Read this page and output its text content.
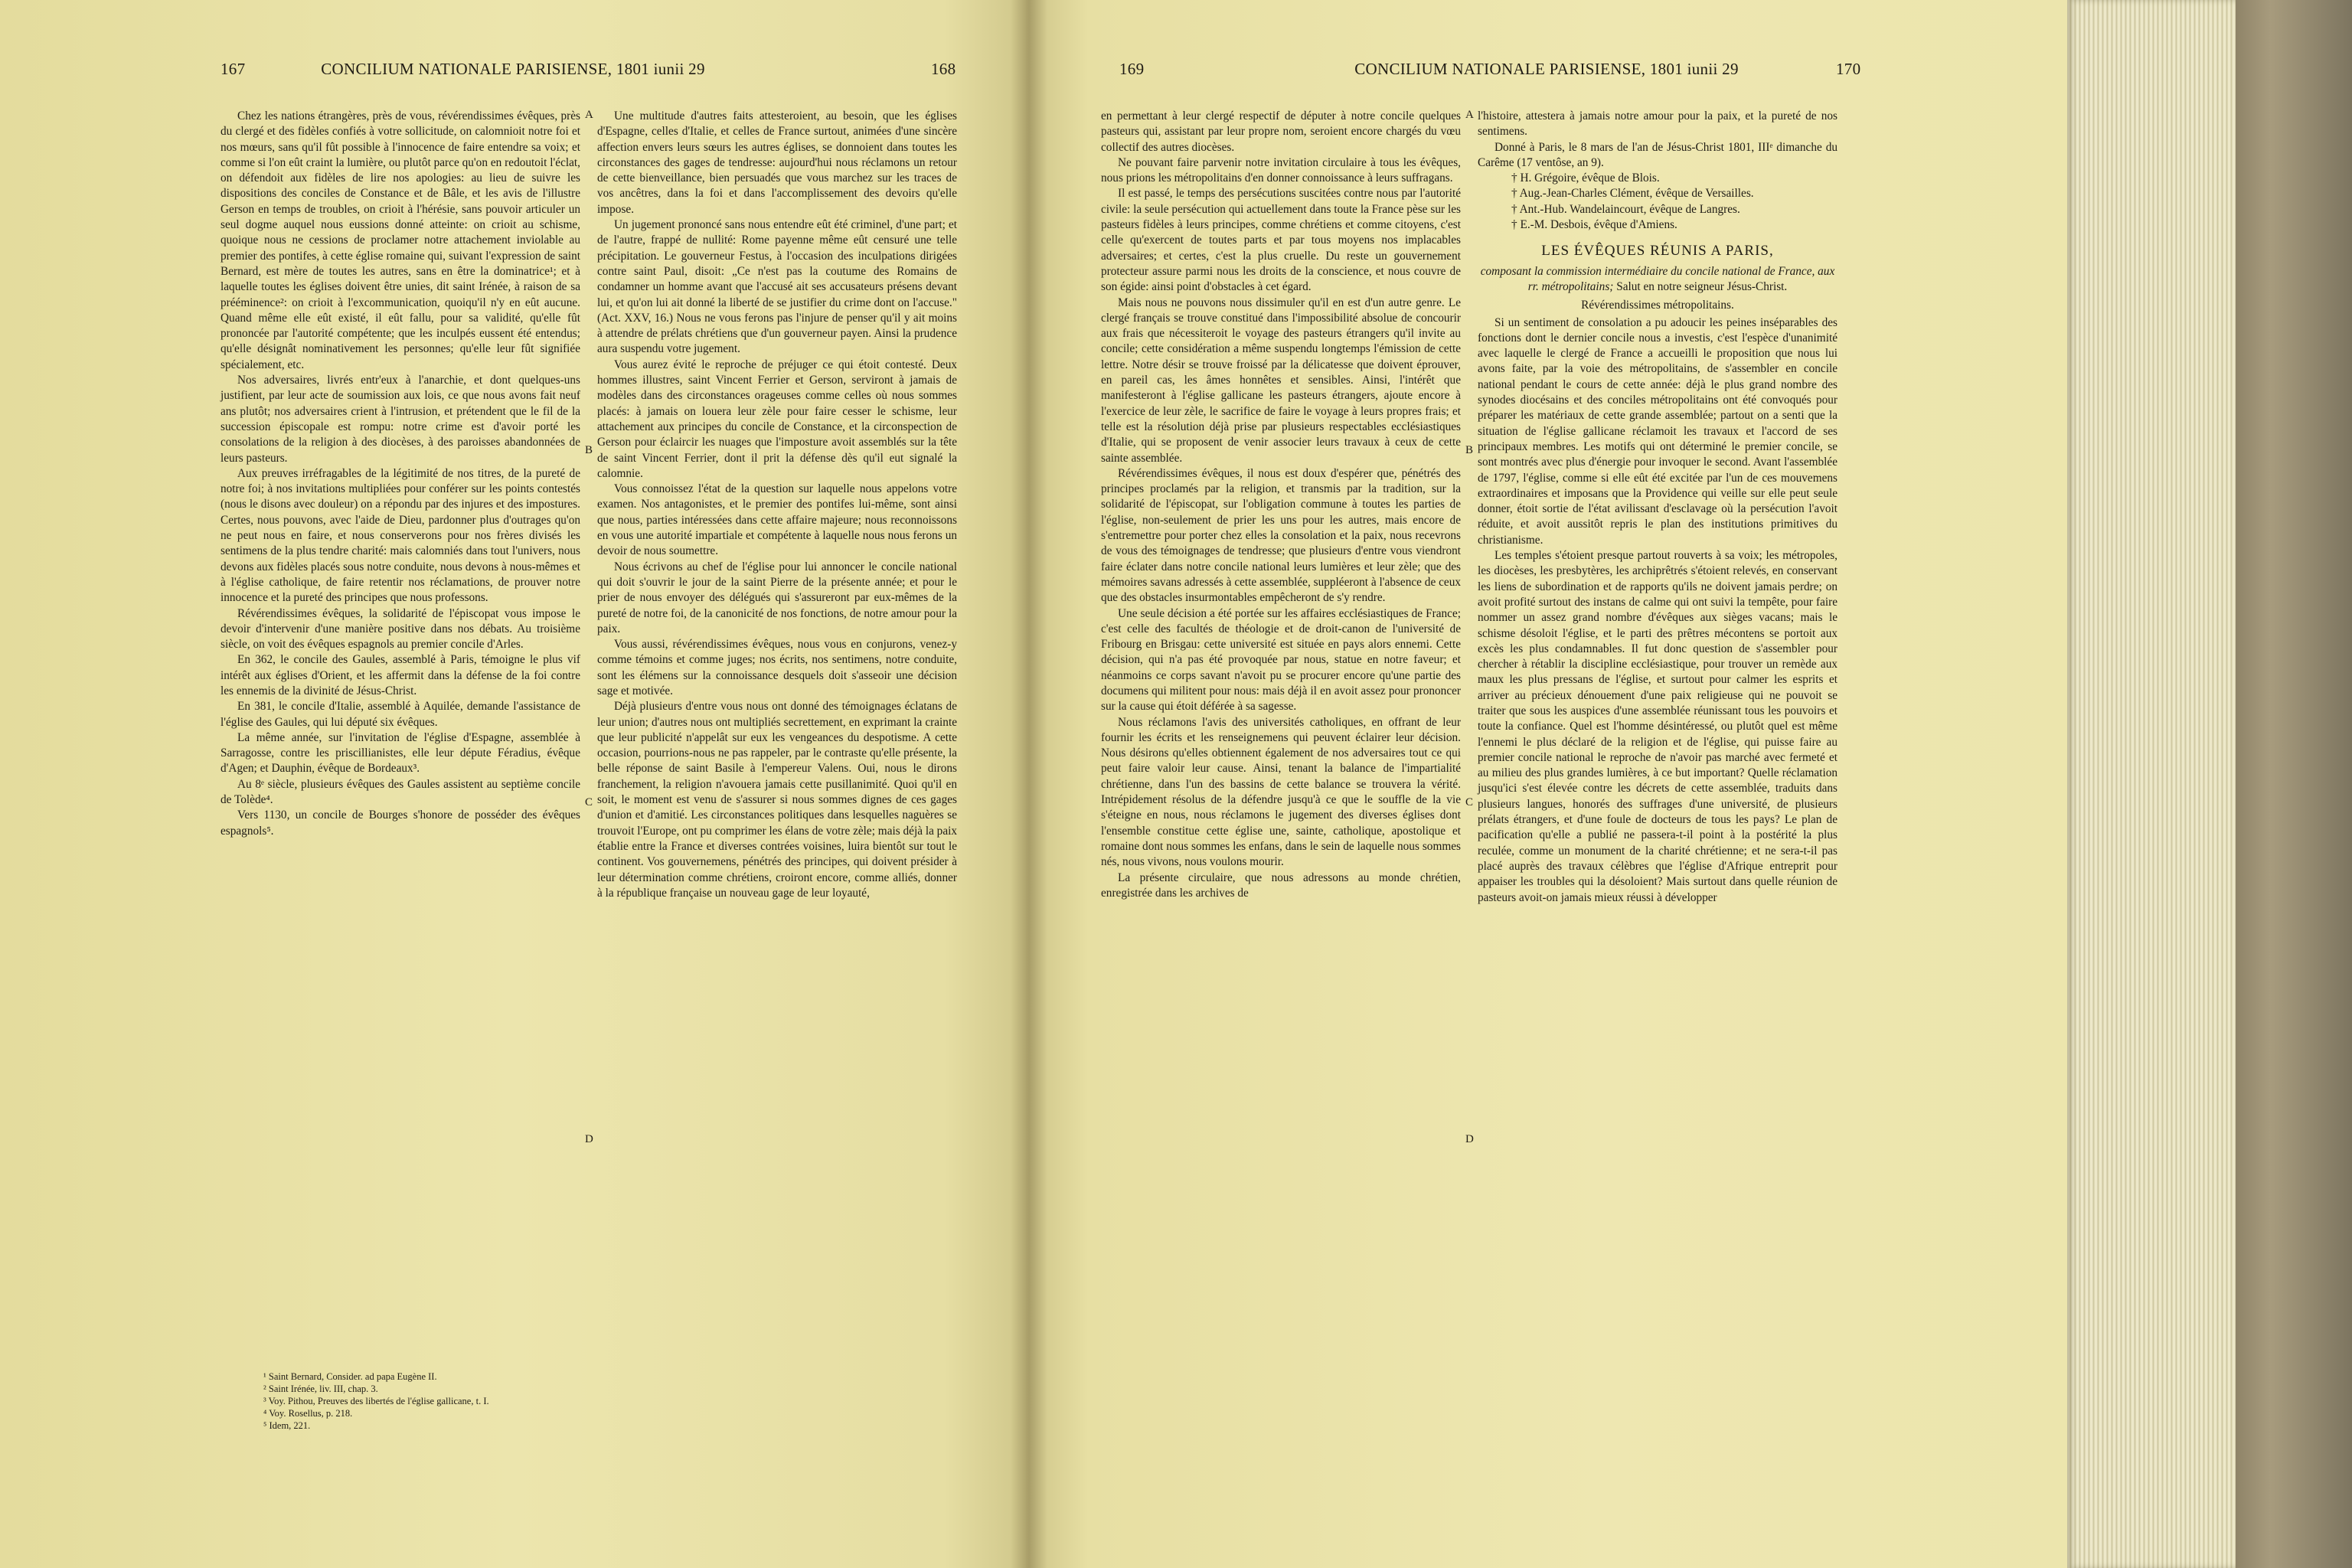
167	CONCILIUM NATIONALE PARISIENSE, 1801 iunii 29	168

Chez les nations étrangères, près de vous, révérendissimes évêques, près du clergé et des fidèles confiés à votre sollicitude, on calomnioit notre foi et nos mœurs, sans qu'il fût possible à l'innocence de faire entendre sa voix; et comme si l'on eût craint la lumière, ou plutôt parce qu'on en redoutoit l'éclat, on défendoit aux fidèles de lire nos apologies: au lieu de suivre les dispositions des conciles de Constance et de Bâle, et les avis de l'illustre Gerson en temps de troubles, on crioit à l'hérésie, sans pouvoir articuler un seul dogme auquel nous eussions donné atteinte: on crioit au schisme, quoique nous ne cessions de proclamer notre attachement inviolable au premier des pontifes, à cette église romaine qui, suivant l'expression de saint Bernard, est mère de toutes les autres, sans en être la dominatrice¹; et à laquelle toutes les églises doivent être unies, dit saint Irénée, à raison de sa prééminence²: on crioit à l'excommunication, quoiqu'il n'y en eût aucune. Quand même elle eût existé, il eût fallu, pour sa validité, qu'elle fût prononcée par l'autorité compétente; que les inculpés eussent été entendus; qu'elle désignât nominativement les personnes; qu'elle leur fût signifiée spécialement, etc.

Nos adversaires, livrés entr'eux à l'anarchie, et dont quelques-uns justifient, par leur acte de soumission aux lois, ce que nous avons fait neuf ans plutôt; nos adversaires crient à l'intrusion, et prétendent que le fil de la succession épiscopale est rompu: notre crime est d'avoir porté les consolations de la religion à des diocèses, à des paroisses abandonnées de leurs pasteurs.

Aux preuves irréfragables de la légitimité de nos titres, de la pureté de notre foi; à nos invitations multipliées pour conférer sur les points contestés (nous le disons avec douleur) on a répondu par des injures et des impostures. Certes, nous pouvons, avec l'aide de Dieu, pardonner plus d'outrages qu'on ne peut nous en faire, et nous conserverons pour nos frères divisés les sentimens de la plus tendre charité: mais calomniés dans tout l'univers, nous devons aux fidèles placés sous notre conduite, nous devons à nous-mêmes et à l'église catholique, de faire retentir nos réclamations, de prouver notre innocence et la pureté des principes que nous professons.

Révérendissimes évêques, la solidarité de l'épiscopat vous impose le devoir d'intervenir d'une manière positive dans nos débats. Au troisième siècle, on voit des évêques espagnols au premier concile d'Arles.

En 362, le concile des Gaules, assemblé à Paris, témoigne le plus vif intérêt aux églises d'Orient, et les affermit dans la défense de la foi contre les ennemis de la divinité de Jésus-Christ.

En 381, le concile d'Italie, assemblé à Aquilée, demande l'assistance de l'église des Gaules, qui lui député six évêques.

La même année, sur l'invitation de l'église d'Espagne, assemblée à Sarragosse, contre les priscillianistes, elle leur députe Féradius, évêque d'Agen; et Dauphin, évêque de Bordeaux³.

Au 8ᵉ siècle, plusieurs évêques des Gaules assistent au septième concile de Tolède⁴.

Vers 1130, un concile de Bourges s'honore de posséder des évêques espagnols⁵.

¹ Saint Bernard, Consider. ad papa Eugène II.

² Saint Irénée, liv. III, chap. 3.

³ Voy. Pithou, Preuves des libertés de l'église gallicane, t. I.

⁴ Voy. Rosellus, p. 218.

⁵ Idem, 221.

A
B
C
D

Une multitude d'autres faits attesteroient, au besoin, que les églises d'Espagne, celles d'Italie, et celles de France surtout, animées d'une sincère affection envers leurs sœurs les autres églises, se donnoient dans toutes les circonstances des gages de tendresse: aujourd'hui nous réclamons un retour de cette bienveillance, bien persuadés que vous marchez sur les traces de vos ancêtres, dans la foi et dans l'accomplissement des devoirs qu'elle impose.

Un jugement prononcé sans nous entendre eût été criminel, d'une part; et de l'autre, frappé de nullité: Rome payenne même eût censuré une telle précipitation. Le gouverneur Festus, à l'occasion des inculpations dirigées contre saint Paul, disoit: „Ce n'est pas la coutume des Romains de condamner un homme avant que l'accusé ait ses accusateurs présens devant lui, et qu'on lui ait donné la liberté de se justifier du crime dont on l'accuse." (Act. XXV, 16.) Nous ne vous ferons pas l'injure de penser qu'il y ait moins à attendre de prélats chrétiens que d'un gouverneur payen. Ainsi la prudence aura suspendu votre jugement.

Vous aurez évité le reproche de préjuger ce qui étoit contesté. Deux hommes illustres, saint Vincent Ferrier et Gerson, serviront à jamais de modèles dans des circonstances orageuses comme celles où nous sommes placés: à jamais on louera leur zèle pour faire cesser le schisme, leur attachement aux principes du concile de Constance, et la circonspection de Gerson pour éclaircir les nuages que l'imposture avoit assemblés sur la tête de saint Vincent Ferrier, dont il prit la défense dès qu'il eut signalé la calomnie.

Vous connoissez l'état de la question sur laquelle nous appelons votre examen. Nos antagonistes, et le premier des pontifes lui-même, sont ainsi que nous, parties intéressées dans cette affaire majeure; nous reconnoissons en vous une autorité impartiale et compétente à laquelle nous nous ferons un devoir de nous soumettre.

Nous écrivons au chef de l'église pour lui annoncer le concile national qui doit s'ouvrir le jour de la saint Pierre de la présente année; et pour le prier de nous envoyer des délégués qui s'assureront par eux-mêmes de la pureté de notre foi, de la canonicité de nos fonctions, de notre amour pour la paix.

Vous aussi, révérendissimes évêques, nous vous en conjurons, venez-y comme témoins et comme juges; nos écrits, nos sentimens, notre conduite, sont les élémens sur la connoissance desquels doit s'asseoir une décision sage et motivée.

Déjà plusieurs d'entre vous nous ont donné des témoignages éclatans de leur union; d'autres nous ont multipliés secrettement, en exprimant la crainte que leur publicité n'appelât sur eux les vengeances du despotisme. A cette occasion, pourrions-nous ne pas rappeler, par le contraste qu'elle présente, la belle réponse de saint Basile à l'empereur Valens. Oui, nous le dirons franchement, la religion n'avouera jamais cette pusillanimité. Quoi qu'il en soit, le moment est venu de s'assurer si nous sommes dignes de ces gages d'union et d'amitié. Les circonstances politiques dans lesquelles naguères se trouvoit l'Europe, ont pu comprimer les élans de votre zèle; mais déjà la paix établie entre la France et diverses contrées voisines, luira bientôt sur tout le continent. Vos gouvernemens, pénétrés des principes, qui doivent présider à leur détermination comme chrétiens, croiront encore, comme alliés, donner à la république française un nouveau gage de leur loyauté,

169	CONCILIUM NATIONALE PARISIENSE, 1801 iunii 29	170

en permettant à leur clergé respectif de députer à notre concile quelques pasteurs qui, assistant par leur propre nom, seroient encore chargés du vœu collectif des autres diocèses.

Ne pouvant faire parvenir notre invitation circulaire à tous les évêques, nous prions les métropolitains d'en donner connoissance à leurs suffragans.

Il est passé, le temps des persécutions suscitées contre nous par l'autorité civile: la seule persécution qui actuellement dans toute la France pèse sur les pasteurs fidèles à leurs principes, comme chrétiens et comme citoyens, c'est celle qu'exercent de toutes parts et par tous moyens nos implacables adversaires; et certes, c'est la plus cruelle. Du reste un gouvernement protecteur assure parmi nous les droits de la conscience, et nous couvre de son égide: ainsi point d'obstacles à cet égard.

Mais nous ne pouvons nous dissimuler qu'il en est d'un autre genre. Le clergé français se trouve constitué dans l'impossibilité absolue de concourir aux frais que nécessiteroit le voyage des pasteurs étrangers qu'il invite au concile; cette considération a même suspendu longtemps l'émission de cette lettre. Notre désir se trouve froissé par la délicatesse que doivent éprouver, en pareil cas, les âmes honnêtes et sensibles. Ainsi, l'intérêt que manifesteront à l'église gallicane les pasteurs étrangers, ajoute encore à l'exercice de leur zèle, le sacrifice de faire le voyage à leurs propres frais; et telle est la résolution déjà prise par plusieurs respectables ecclésiastiques d'Italie, qui se proposent de venir associer leurs travaux à ceux de cette sainte assemblée.

Révérendissimes évêques, il nous est doux d'espérer que, pénétrés des principes proclamés par la religion, et transmis par la tradition, sur la solidarité de l'épiscopat, sur l'obligation commune à toutes les parties de l'église, non-seulement de prier les uns pour les autres, mais encore de s'entremettre pour porter chez elles la consolation et la paix, nous recevrons de vous des témoignages de tendresse; que plusieurs d'entre vous viendront faire éclater dans notre concile national leurs lumières et leur zèle; que des mémoires savans adressés à cette assemblée, suppléeront à l'absence de ceux que des obstacles insurmontables empêcheront de s'y rendre.

Une seule décision a été portée sur les affaires ecclésiastiques de France; c'est celle des facultés de théologie et de droit-canon de l'université de Fribourg en Brisgau: cette université est située en pays alors ennemi. Cette décision, qui n'a pas été provoquée par nous, statue en notre faveur; et néanmoins ce corps savant n'avoit pu se procurer encore qu'une partie des documens qui militent pour nous: mais déjà il en avoit assez pour prononcer sur la cause qui étoit déférée à sa sagesse.

Nous réclamons l'avis des universités catholiques, en offrant de leur fournir les écrits et les renseignemens qui peuvent éclairer leur décision. Nous désirons qu'elles obtiennent également de nos adversaires tout ce qui peut faire valoir leur cause. Ainsi, tenant la balance de l'impartialité chrétienne, dans l'un des bassins de cette balance se trouvera la vérité. Intrépidement résolus de la défendre jusqu'à ce que le souffle de la vie s'éteigne en nous, nous réclamons le jugement des diverses églises dont l'ensemble constitue cette église une, sainte, catholique, apostolique et romaine dont nous sommes les enfans, dans le sein de laquelle nous sommes nés, nous vivons, nous voulons mourir.

La présente circulaire, que nous adressons au monde chrétien, enregistrée dans les archives de

A
B
C
D

l'histoire, attestera à jamais notre amour pour la paix, et la pureté de nos sentimens.

Donné à Paris, le 8 mars de l'an de Jésus-Christ 1801, IIIᵉ dimanche du Carême (17 ventôse, an 9).

† H. Grégoire, évêque de Blois.

† Aug.-Jean-Charles Clément, évêque de Versailles.

† Ant.-Hub. Wandelaincourt, évêque de Langres.

† E.-M. Desbois, évêque d'Amiens.

LES ÉVÊQUES RÉUNIS A PARIS,

composant la commission intermédiaire du concile national de France, aux rr. métropolitains; Salut en notre seigneur Jésus-Christ.

Révérendissimes métropolitains.

Si un sentiment de consolation a pu adoucir les peines inséparables des fonctions dont le dernier concile nous a investis, c'est l'espèce d'unanimité avec laquelle le clergé de France a accueilli le proposition que nous lui avons faite, par la voie des métropolitains, de s'assembler en concile national pendant le cours de cette année: déjà le plus grand nombre des synodes diocésains et des conciles métropolitains ont été convoqués pour préparer les matériaux de cette grande assemblée; partout on a senti que la situation de l'église gallicane réclamoit les travaux et l'accord de ses principaux membres. Les motifs qui ont déterminé le premier concile, se sont montrés avec plus d'énergie pour invoquer le second. Avant l'assemblée de 1797, l'église, comme si elle eût été excitée par l'un de ces mouvemens extraordinaires et imposans que la Providence qui veille sur elle peut seule donner, étoit sortie de l'état avilissant d'esclavage où la persécution l'avoit réduite, et avoit aussitôt repris le plan des institutions primitives du christianisme.

Les temples s'étoient presque partout rouverts à sa voix; les métropoles, les diocèses, les presbytères, les archiprêtrés s'étoient relevés, en conservant les liens de subordination et de rapports qu'ils ne doivent jamais perdre; on avoit profité surtout des instans de calme qui ont suivi la tempête, pour faire nommer un assez grand nombre d'évêques aux sièges vacans; mais le schisme désoloit l'église, et le parti des prêtres mécontens se portoit aux excès les plus condamnables. Il fut donc question de s'assembler pour chercher à rétablir la discipline ecclésiastique, pour trouver un remède aux maux les plus pressans de l'église, et surtout pour calmer les esprits et arriver au précieux dénouement d'une paix religieuse qui ne pouvoit se traiter que sous les auspices d'une assemblée réunissant tous les pouvoirs et toute la confiance. Quel est l'homme désintéressé, ou plutôt quel est même l'ennemi le plus déclaré de la religion et de l'église, qui puisse faire au premier concile national le reproche de n'avoir pas marché avec fermeté et au milieu des plus grandes lumières, à ce but important? Quelle réclamation jusqu'ici s'est élevée contre les décrets de cette assemblée, traduits dans plusieurs langues, honorés des suffrages d'une université, de plusieurs prélats étrangers, et d'une foule de docteurs de tous les pays? Le plan de pacification qu'elle a publié ne passera-t-il point à la postérité la plus reculée, comme un monument de la charité chrétienne; et ne sera-t-il pas placé auprès des travaux célèbres que l'église d'Afrique entreprit pour appaiser les troubles qui la désoloient? Mais surtout dans quelle réunion de pasteurs avoit-on jamais mieux réussi à développer
